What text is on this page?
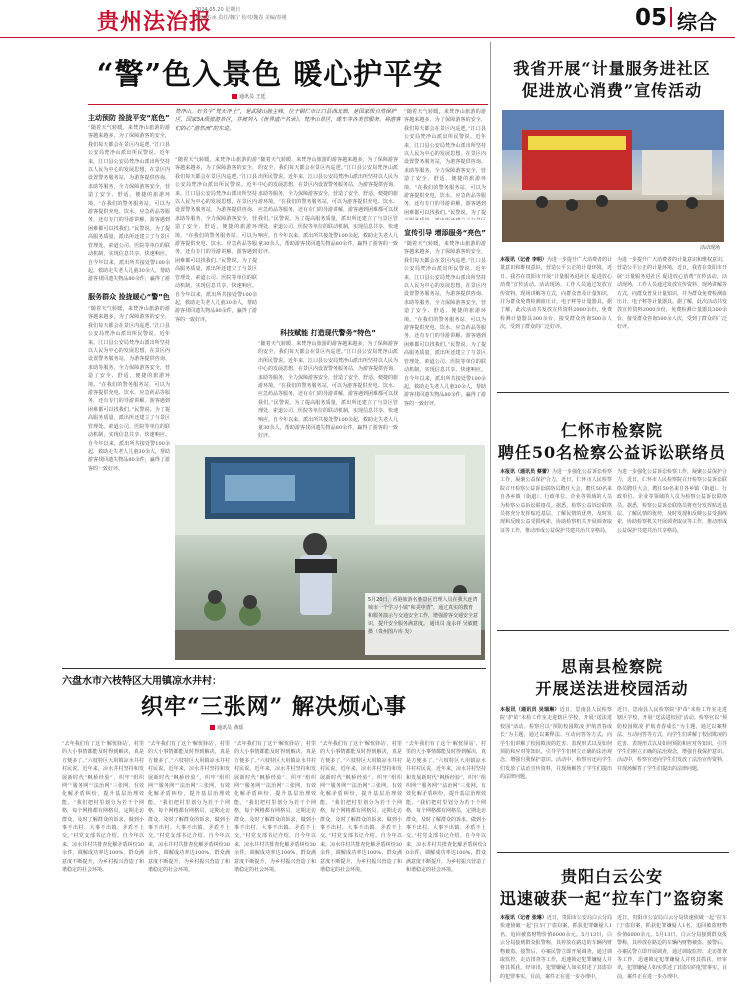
贵州法治报
2024.05.20 星期日
首编/方承 责任/魏宁 校对/魏春 美编/春刚	05 综合
“警”色入景色 暖心护平安
通讯员 王廷
梵净山，好名字“梵天净土”，是武陵山脉主峰，位于铜仁市江口县西北部，是国家级自然保护区，国家5A级旅游景区，并被列入《世界遗产名录》。梵净山景区，缆车等各类营服务，将游客们的心“游然而”的东进。
主动预防 捡拢平安“底色”
“随着天气转暖，来梵净山旅游的游客越来越多，为了保障游客的安全，我们每天都会在景区内巡逻。”江口县公安局梵净山派出所民警说。近年来，江口县公安局梵净山派出所坚持以人民为中心的发展思想，在景区内设置警务服务站，为游客提供咨询、求助等服务，全力保障游客安全，营造了安全、舒适、便捷的旅游环境。“在我们的警务服务站，可以为游客提供充电、饮水、应急药品等服务，还有专门的导游讲解，游客遇到困难都可以找我们。”民警说。为了提高服务质量，派出所还建立了与景区管理处、索道公司、医院等单位的联动机制，实现信息共享、快速响应。自今年以来，派出所共接处警100余起，救助走失老人儿童30余人，帮助游客找回遗失物品80余件，赢得了游
服务群众 捡拢暖心“警”色
“随着天气转暖，来梵净山旅游的游客越来越多，为了保障游客的安全，我们每天都会在景区内巡逻。”江口县公安局梵净山派出所民警说。近年来，江口县公安局梵净山派出所坚持以人民为中心的发展思想，在景区内设置警务服务站，为游客提供咨询、求助等服务，全力保障游客安全，营造了安全、舒适、便捷的旅游环境。“在我们的警务服务站，可以为游客提供充电、饮水、应急药品等服务，还有专门的导游讲解，游客遇到困难都可以找我们。”民警说。为了提高服务质量，派出所还建立了与景区管理处、索道公司、医院等单位的联动机制，实现信息共享、快速响应。自今年以来，派出所共接处警100余起，救助走失老人儿童30余人，帮助游客找回遗失物品80余件，赢得了游客的一致好评。
“随着天气转暖，来梵净山旅游的游客越来越多，为了保障游客的安全，我们每天都会在景区内巡逻。”江口县公安局梵净山派出所民警说。近年来，江口县公安局梵净山派出所坚持以人民为中心的发展思想，在景区内设置警务服务站，为游客提供咨询、求助等服务，全力保障游客安全，营造了安全、舒适、便捷的旅游环境。“在我们的警务服务站，可以为游客提供充电、饮水、应急药品等服务，还有专门的导游讲解，游客遇到困难都可以找我们。”民警说。为了提高服务质量，派出所还建立了与景区管理处、索道公司、医院等单位的联动机制，实现信息共享、快速响应。自今年以来，派出所共接处警100余起，救助走失老人儿童30余人，帮助游客找回遗失物品80余件，赢得了游客的一致好评。
科技赋能 打造现代警务“特色”
“随着天气转暖，来梵净山旅游的游客越来越多，为了保障游客的安全，我们每天都会在景区内巡逻。”江口县公安局梵净山派出所民警说。近年来，江口县公安局梵净山派出所坚持以人民为中心的发展思想，在景区内设置警务服务站，为游客提供咨询、求助等服务，全力保障游客安全，营造了安全、舒适、便捷的旅游环境。“在我们的警务服务站，可以为游客提供充电、饮水、应急药品等服务，还有专门的导游讲解，游客遇到困难都可以找我们。”民警说。为了提高服务质量，派出所还建立了与景区管理处、索道公司、医院等单位的联动机制，实现信息共享、快速响应。自今年以来，派出所共接处警100余起，救助走失老人儿童30余人，帮助游客找回遗失物品80余件，赢得了游客的一致好评。
“随着天气转暖，来梵净山旅游的游客越来越多，为了保障游客的安全，我们每天都会在景区内巡逻。”江口县公安局梵净山派出所民警说。近年来，江口县公安局梵净山派出所坚持以人民为中心的发展思想，在景区内设置警务服务站，为游客提供咨询、求助等服务，全力保障游客安全，营造了安全、舒适、便捷的旅游环境。“在我们的警务服务站，可以为游客提供充电、饮水、应急药品等服务，还有专门的导游讲解，游客遇到困难都可以找我们。”民警说。为了提高服务质量，派出所还建立了与景区管理处、索道公司、医院等单位的联动机制，实现信息共享、快速响应。自今年以来，派出所共接处警100余起，救助走失老人儿童30余人，帮助游客找回遗失物品80余件，赢得了游客的一致好评。
“随着天气转暖，来梵净山旅游的游客越来越多，为了保障游客的安全，我们每天都会在景区内巡逻。”江口县公安局梵净山派出所民警说。近年来，江口县公安局梵净山派出所坚持以人民为中心的发展思想，在景区内设置警务服务站，为游客提供咨询、求助等服务，全力保障游客安全，营造了安全、舒适、便捷的旅游环境。“在我们的警务服务站，可以为游客提供充电、饮水、应急药品等服务，还有专门的导游讲解，游客遇到困难都可以找我们。”民警说。为了提
宣传引导 增添服务“亮色”
“随着天气转暖，来梵净山旅游的游客越来越多，为了保障游客的安全，我们每天都会在景区内巡逻。”江口县公安局梵净山派出所民警说。近年来，江口县公安局梵净山派出所坚持以人民为中心的发展思想，在景区内设置警务服务站，为游客提供咨询、求助等服务，全力保障游客安全，营造了安全、舒适、便捷的旅游环境。“在我们的警务服务站，可以为游客提供充电、饮水、应急药品等服务，还有专门的导游讲解，游客遇到困难都可以找我们。”民警说。为了提高服务质量，派出所还建立了与景区管理处、索道公司、医院等单位的联动机制，实现信息共享、快速响应。自今年以来，派出所共接处警100余起，救助走失老人儿童30余人，帮助游客找回遗失物品80余件，赢得了游客的一致好评。
5月20日，香港旅游名胜景区管理人员在我大连湾城市一个学习小镇“和美中青”，通过真实的教育和服务演示与交通安全工作，增强游客交通安全意识，提升安全服务满意度。 通讯员 庞永祥 吴敏健 摄（贵州图片库 发）
我省开展“计量服务进社区
促进放心消费”宣传活动
活动现场
本报讯（记者 李明）为进一步提升广大消费者的计量意识和维权意识，营造公平公正的计量环境，近日，我省在贵阳市开展“计量服务进社区 促进放心消费”宣传活动。活动现场，工作人员通过发放宣传资料、现场讲解等方式，向群众普及计量知识，并为群众免费检测血压计、电子秤等计量器具。据了解，此次活动共发放宣传资料2000余份，免费检测计量器具300余台，接受群众咨询500余人次，受到了群众的广泛好评。
为进一步提升广大消费者的计量意识和维权意识，营造公平公正的计量环境，近日，我省在贵阳市开展“计量服务进社区 促进放心消费”宣传活动。活动现场，工作人员通过发放宣传资料、现场讲解等方式，向群众普及计量知识，并为群众免费检测血压计、电子秤等计量器具。据了解，此次活动共发放宣传资料2000余份，免费检测计量器具300余台，接受群众咨询500余人次，受到了群众的广泛好评。
仁怀市检察院
聘任50名检察公益诉讼联络员
本报讯（通讯员 蔡蕾）为进一步强化公益诉讼检察工作，凝聚公益保护合力，近日，仁怀市人民检察院召开检察公益诉讼联络员聘任大会，聘任50名来自各乡镇（街道）、行政单位、企业等领域的人员为检察公益诉讼联络员。据悉，检察公益诉讼联络员将充分发挥贴近基层、了解民情的优势，及时发现和反映公益受损线索，协助检察机关开展调查取证等工作，推动形成公益保护共建共治共享格局。
为进一步强化公益诉讼检察工作，凝聚公益保护合力，近日，仁怀市人民检察院召开检察公益诉讼联络员聘任大会，聘任50名来自各乡镇（街道）、行政单位、企业等领域的人员为检察公益诉讼联络员。据悉，检察公益诉讼联络员将充分发挥贴近基层、了解民情的优势，及时发现和反映公益受损线索，协助检察机关开展调查取证等工作，推动形成公益保护共建共治共享格局。
思南县检察院
开展送法进校园活动
本报讯（通讯员 吴瑞琳）近日，思南县人民检察院“护苗”未检工作室走进辖区学校，开展“送法进校园”活动。检察官以“预防校园欺凌 护航青春成长”为主题，通过以案释法、互动问答等方式，向学生们讲解了校园欺凌的危害、表现形式以及如何预防和应对等知识，引导学生们树立正确的法治观念，增强自我保护意识。活动中，检察官还向学生们发放了法治宣传资料，并现场解答了学生们提出的法律问题。
近日，思南县人民检察院“护苗”未检工作室走进辖区学校，开展“送法进校园”活动。检察官以“预防校园欺凌 护航青春成长”为主题，通过以案释法、互动问答等方式，向学生们讲解了校园欺凌的危害、表现形式以及如何预防和应对等知识，引导学生们树立正确的法治观念，增强自我保护意识。活动中，检察官还向学生们发放了法治宣传资料，并现场解答了学生们提出的法律问题。
贵阳白云公安
迅速破获一起“拉车门”盗窃案
本报讯（记者 张琳）近日，贵阳市公安局白云分局快速侦破一起“拉车门”盗窃案，抓获犯罪嫌疑人1名，追回被盗财物价值6000余元。5月13日，白云分局接到群众报警称，其停放在路边的车辆内财物被盗。接警后，办案民警立即开展调查，通过调取监控、走访排查等工作，迅速锁定犯罪嫌疑人并将其抓获。经审讯，犯罪嫌疑人如实供述了其盗窃的犯罪事实。目前，案件正在进一步办理中。
近日，贵阳市公安局白云分局快速侦破一起“拉车门”盗窃案，抓获犯罪嫌疑人1名，追回被盗财物价值6000余元。5月13日，白云分局接到群众报警称，其停放在路边的车辆内财物被盗。接警后，办案民警立即开展调查，通过调取监控、走访排查等工作，迅速锁定犯罪嫌疑人并将其抓获。经审讯，犯罪嫌疑人如实供述了其盗窃的犯罪事实。目前，案件正在进一步办理中。
六盘水市六枝特区大用镇凉水井村：
织牢“三张网” 解决烦心事
通讯员 黄瑶
“去年我们有了这个‘解忧驿站’，村里的大小事情都能及时得到解决，真是方便多了。”六枝特区大用镇凉水井村村民说。近年来，凉水井村坚持和发展新时代“枫桥经验”，织牢“组织网”“服务网”“法治网”三张网，有效化解矛盾纠纷，提升基层治理效能。“我们把村里划分为若干个网格，每个网格都有网格员，定期走访群众，及时了解群众的诉求，做到小事不出村、大事不出镇、矛盾不上交。”村党支部书记介绍。自今年以来，凉水井村共排查化解矛盾纠纷30余件，调解成功率达100%，群众满意度不断提升，为乡村振兴营造了和谐稳定的社会环境。
“去年我们有了这个‘解忧驿站’，村里的大小事情都能及时得到解决，真是方便多了。”六枝特区大用镇凉水井村村民说。近年来，凉水井村坚持和发展新时代“枫桥经验”，织牢“组织网”“服务网”“法治网”三张网，有效化解矛盾纠纷，提升基层治理效能。“我们把村里划分为若干个网格，每个网格都有网格员，定期走访群众，及时了解群众的诉求，做到小事不出村、大事不出镇、矛盾不上交。”村党支部书记介绍。自今年以来，凉水井村共排查化解矛盾纠纷30余件，调解成功率达100%，群众满意度不断提升，为乡村振兴营造了和谐稳定的社会环境。
“去年我们有了这个‘解忧驿站’，村里的大小事情都能及时得到解决，真是方便多了。”六枝特区大用镇凉水井村村民说。近年来，凉水井村坚持和发展新时代“枫桥经验”，织牢“组织网”“服务网”“法治网”三张网，有效化解矛盾纠纷，提升基层治理效能。“我们把村里划分为若干个网格，每个网格都有网格员，定期走访群众，及时了解群众的诉求，做到小事不出村、大事不出镇、矛盾不上交。”村党支部书记介绍。自今年以来，凉水井村共排查化解矛盾纠纷30余件，调解成功率达100%，群众满意度不断提升，为乡村振兴营造了和谐稳定的社会环境。
“去年我们有了这个‘解忧驿站’，村里的大小事情都能及时得到解决，真是方便多了。”六枝特区大用镇凉水井村村民说。近年来，凉水井村坚持和发展新时代“枫桥经验”，织牢“组织网”“服务网”“法治网”三张网，有效化解矛盾纠纷，提升基层治理效能。“我们把村里划分为若干个网格，每个网格都有网格员，定期走访群众，及时了解群众的诉求，做到小事不出村、大事不出镇、矛盾不上交。”村党支部书记介绍。自今年以来，凉水井村共排查化解矛盾纠纷30余件，调解成功率达100%，群众满意度不断提升，为乡村振兴营造了和谐稳定的社会环境。
“去年我们有了这个‘解忧驿站’，村里的大小事情都能及时得到解决，真是方便多了。”六枝特区大用镇凉水井村村民说。近年来，凉水井村坚持和发展新时代“枫桥经验”，织牢“组织网”“服务网”“法治网”三张网，有效化解矛盾纠纷，提升基层治理效能。“我们把村里划分为若干个网格，每个网格都有网格员，定期走访群众，及时了解群众的诉求，做到小事不出村、大事不出镇、矛盾不上交。”村党支部书记介绍。自今年以来，凉水井村共排查化解矛盾纠纷30余件，调解成功率达100%，群众满意度不断提升，为乡村振兴营造了和谐稳定的社会环境。
